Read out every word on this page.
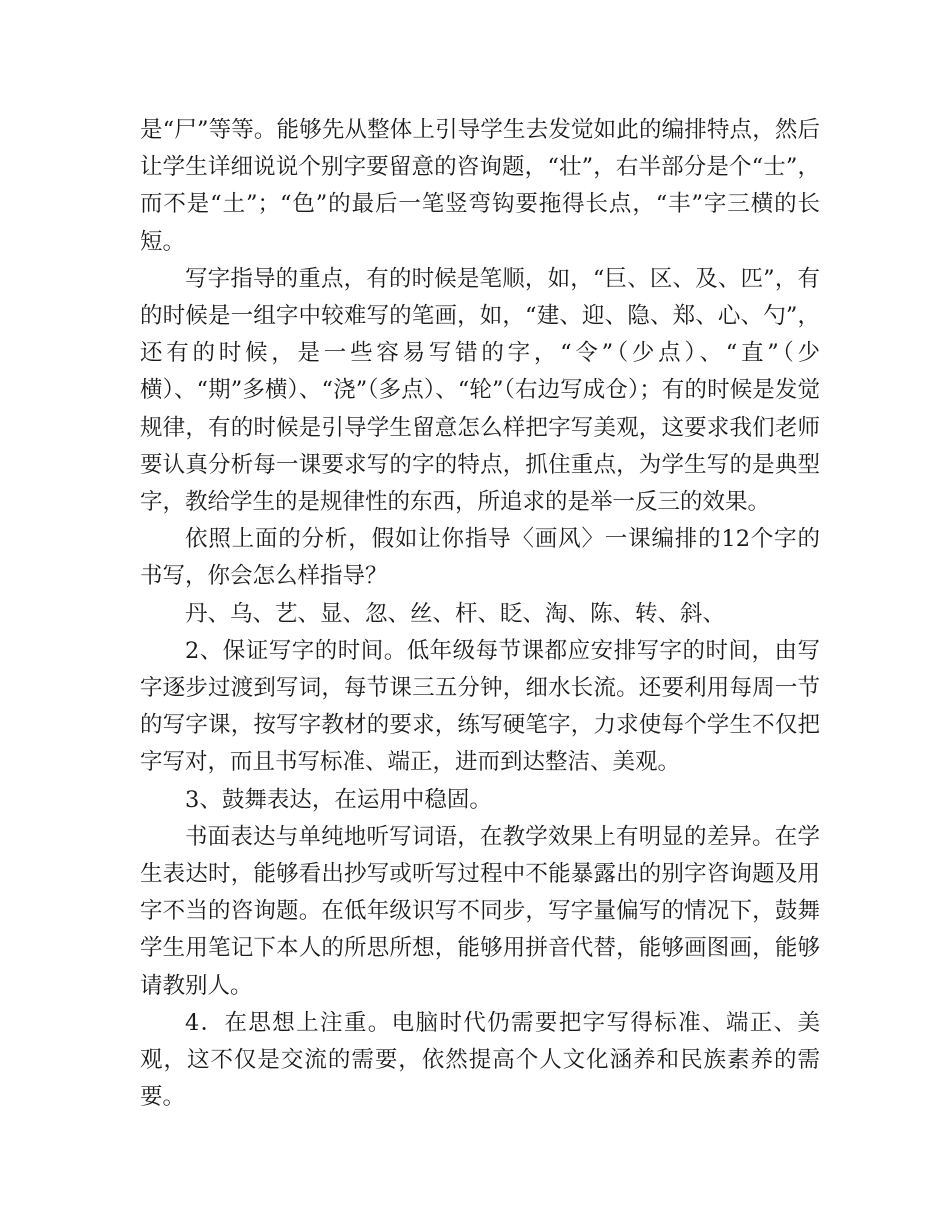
是“尸”等等。能够先从整体上引导学生去发觉如此的编排特点，然后让学生详细说说个别字要留意的咨询题，“壮”，右半部分是个“士”，而不是“土”；“色”的最后一笔竖弯钩要拖得长点，“丰”字三横的长短。

写字指导的重点，有的时候是笔顺，如，“巨、区、及、匹”，有的时候是一组字中较难写的笔画，如，“建、迎、隐、郑、心、勺”，还有的时候，是一些容易写错的字，“令”（少点）、“直”（少横）、“期”多横）、“浇”（多点）、“轮”（右边写成仓）；有的时候是发觉规律，有的时候是引导学生留意怎么样把字写美观，这要求我们老师要认真分析每一课要求写的字的特点，抓住重点，为学生写的是典型字，教给学生的是规律性的东西，所追求的是举一反三的效果。

依照上面的分析，假如让你指导〈画风〉一课编排的12个字的书写，你会怎么样指导？

丹、乌、艺、显、忽、丝、杆、眨、淘、陈、转、斜、

2、保证写字的时间。低年级每节课都应安排写字的时间，由写字逐步过渡到写词，每节课三五分钟，细水长流。还要利用每周一节的写字课，按写字教材的要求，练写硬笔字，力求使每个学生不仅把字写对，而且书写标准、端正，进而到达整洁、美观。

3、鼓舞表达，在运用中稳固。

书面表达与单纯地听写词语，在教学效果上有明显的差异。在学生表达时，能够看出抄写或听写过程中不能暴露出的别字咨询题及用字不当的咨询题。在低年级识写不同步，写字量偏写的情况下，鼓舞学生用笔记下本人的所思所想，能够用拼音代替，能够画图画，能够请教别人。

4．在思想上注重。电脑时代仍需要把字写得标准、端正、美观，这不仅是交流的需要，依然提高个人文化涵养和民族素养的需要。
